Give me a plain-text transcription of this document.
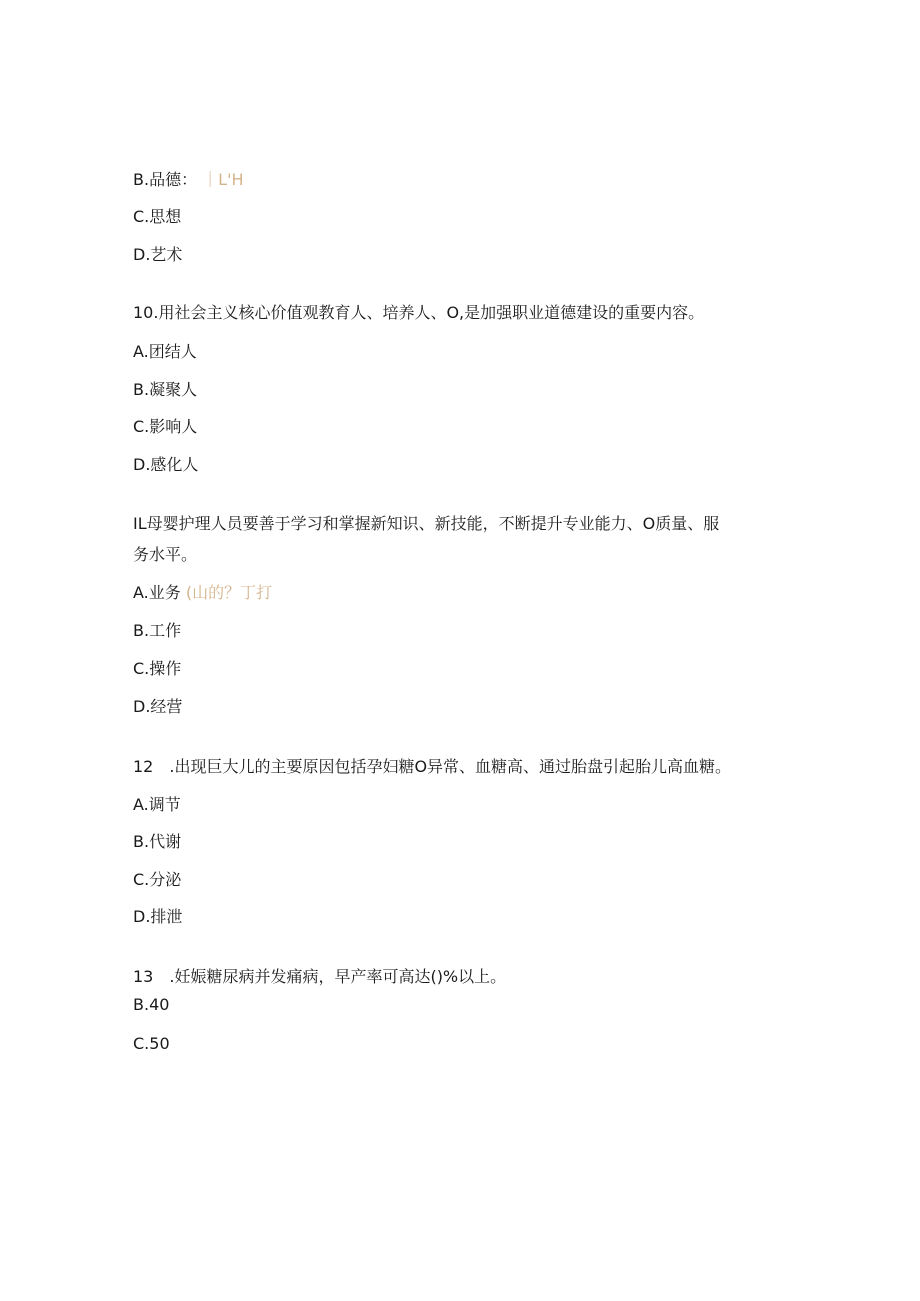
B.品德： ｜L'H
C.思想
D.艺术
10.用社会主义核心价值观教育人、培养人、O,是加强职业道德建设的重要内容。
A.团结人
B.凝聚人
C.影响人
D.感化人
IL母婴护理人员要善于学习和掌握新知识、新技能，不断提升专业能力、O质量、服
务水平。
A.业务 (山的？丁打
B.工作
C.操作
D.经营
12　.出现巨大儿的主要原因包括孕妇糖O异常、血糖高、通过胎盘引起胎儿高血糖。
A.调节
B.代谢
C.分泌
D.排泄
13　.妊娠糖尿病并发痛病，早产率可高达()%以上。
B.40
C.50
